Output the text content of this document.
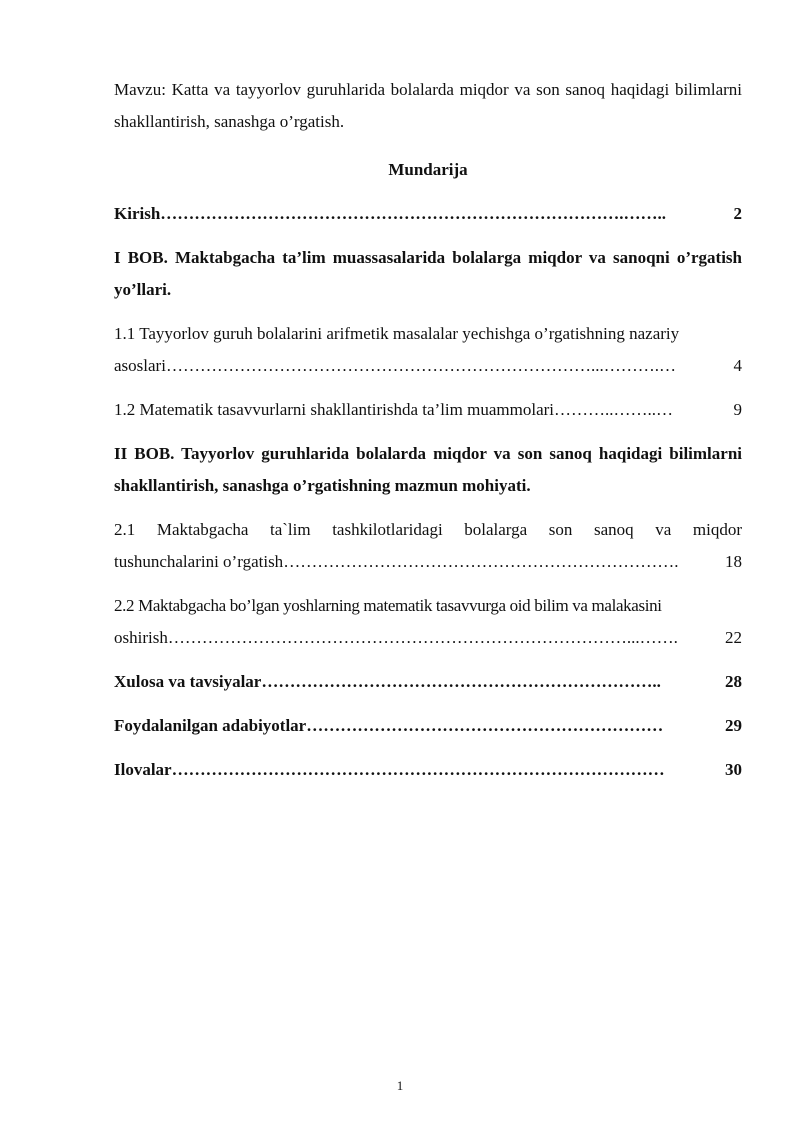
Mavzu: Katta va tayyorlov guruhlarida bolalarda miqdor va son sanoq haqidagi bilimlarni shakllantirish, sanashga o’rgatish.

Mundarija
Kirish ……………………………………………………………………….……..	2

I BOB. Maktabgacha ta’lim muassasalarida bolalarga miqdor va sanoqni o’rgatish yo’llari.

1.1 Tayyorlov guruh bolalarini arifmetik masalalar yechishga o’rgatishning nazariy

asoslari …………………………………………………………………...……….…	4
1.2 Matematik tasavvurlarni shakllantirishda ta’lim muammolari ………..……..…	9

II BOB. Tayyorlov guruhlarida bolalarda miqdor va son sanoq haqidagi bilimlarni shakllantirish, sanashga o’rgatishning mazmun mohiyati.

2.1 Maktabgacha ta`lim tashkilotlaridagi bolalarga son sanoq va miqdor

tushunchalarini o’rgatish …………………………………………………………….	18

2.2 Maktabgacha bo’lgan yoshlarning matematik tasavvurga oid bilim va malakasini

oshirish ………………………………………………………………………...…….	22
Xulosa va tavsiyalar ……………………………………………………………..	28
Foydalanilgan adabiyotlar ………………………………………………………	29
Ilovalar ……………………………………………………………………………	30
1
